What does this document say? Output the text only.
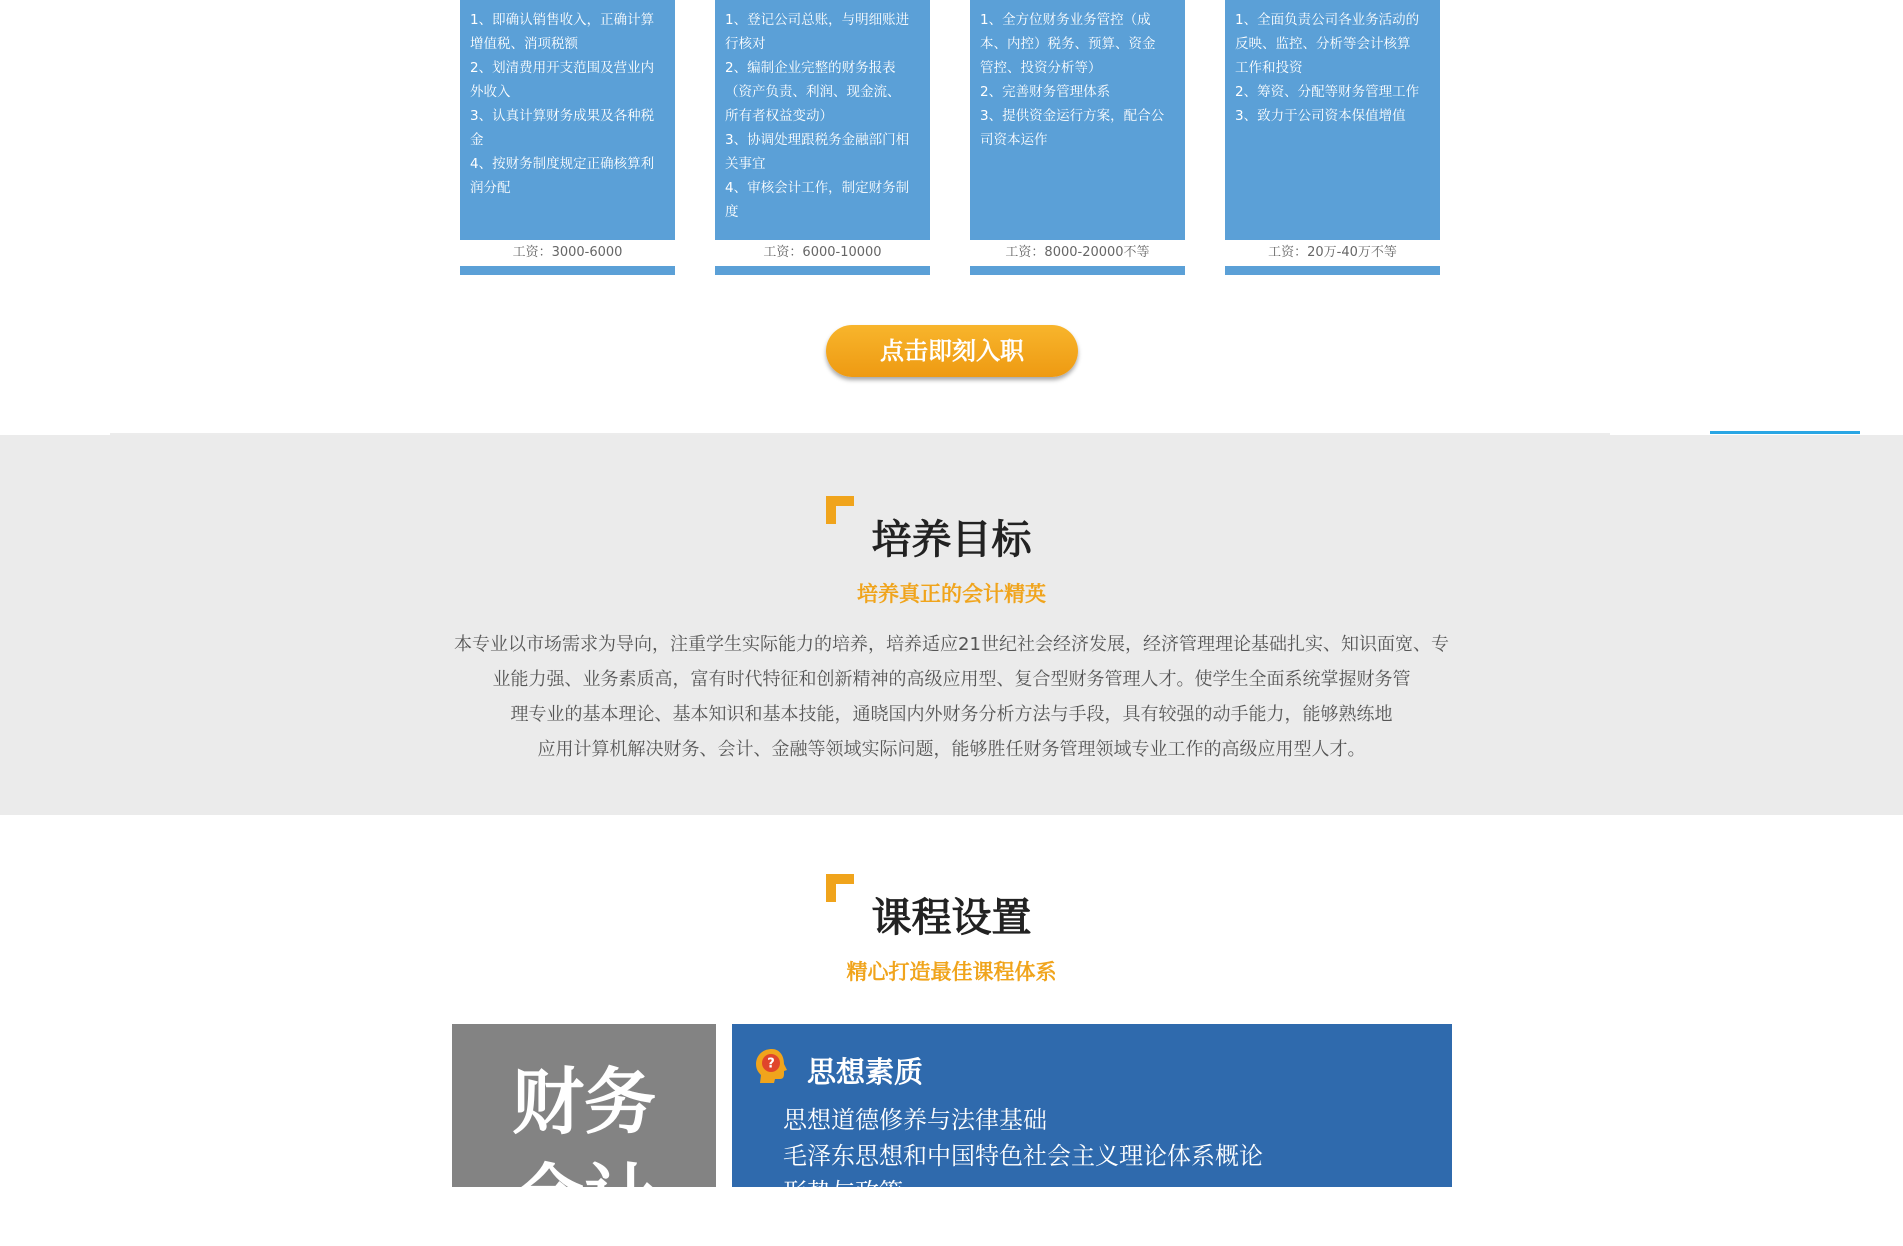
1、即确认销售收入，正确计算

增值税、消项税额

2、划清费用开支范围及营业内

外收入

3、认真计算财务成果及各种税

金

4、按财务制度规定正确核算利

润分配

工资：3000-6000

1、登记公司总账，与明细账进

行核对

2、编制企业完整的财务报表

（资产负责、利润、现金流、

所有者权益变动）

3、协调处理跟税务金融部门相

关事宜

4、审核会计工作，制定财务制

度

工资：6000-10000

1、全方位财务业务管控（成

本、内控）税务、预算、资金

管控、投资分析等）

2、完善财务管理体系

3、提供资金运行方案，配合公

司资本运作

工资：8000-20000不等

1、全面负责公司各业务活动的

反映、监控、分析等会计核算

工作和投资

2、筹资、分配等财务管理工作

3、致力于公司资本保值增值

工资：20万-40万不等
点击即刻入职
培养目标
培养真正的会计精英
本专业以市场需求为导向，注重学生实际能力的培养，培养适应21世纪社会经济发展，经济管理理论基础扎实、知识面宽、专
业能力强、业务素质高，富有时代特征和创新精神的高级应用型、复合型财务管理人才。使学生全面系统掌握财务管
理专业的基本理论、基本知识和基本技能，通晓国内外财务分析方法与手段，具有较强的动手能力，能够熟练地
应用计算机解决财务、会计、金融等领域实际问题，能够胜任财务管理领域专业工作的高级应用型人才。
课程设置
精心打造最佳课程体系
财务
会计
? 思想素质
思想道德修养与法律基础
毛泽东思想和中国特色社会主义理论体系概论
形势与政策
